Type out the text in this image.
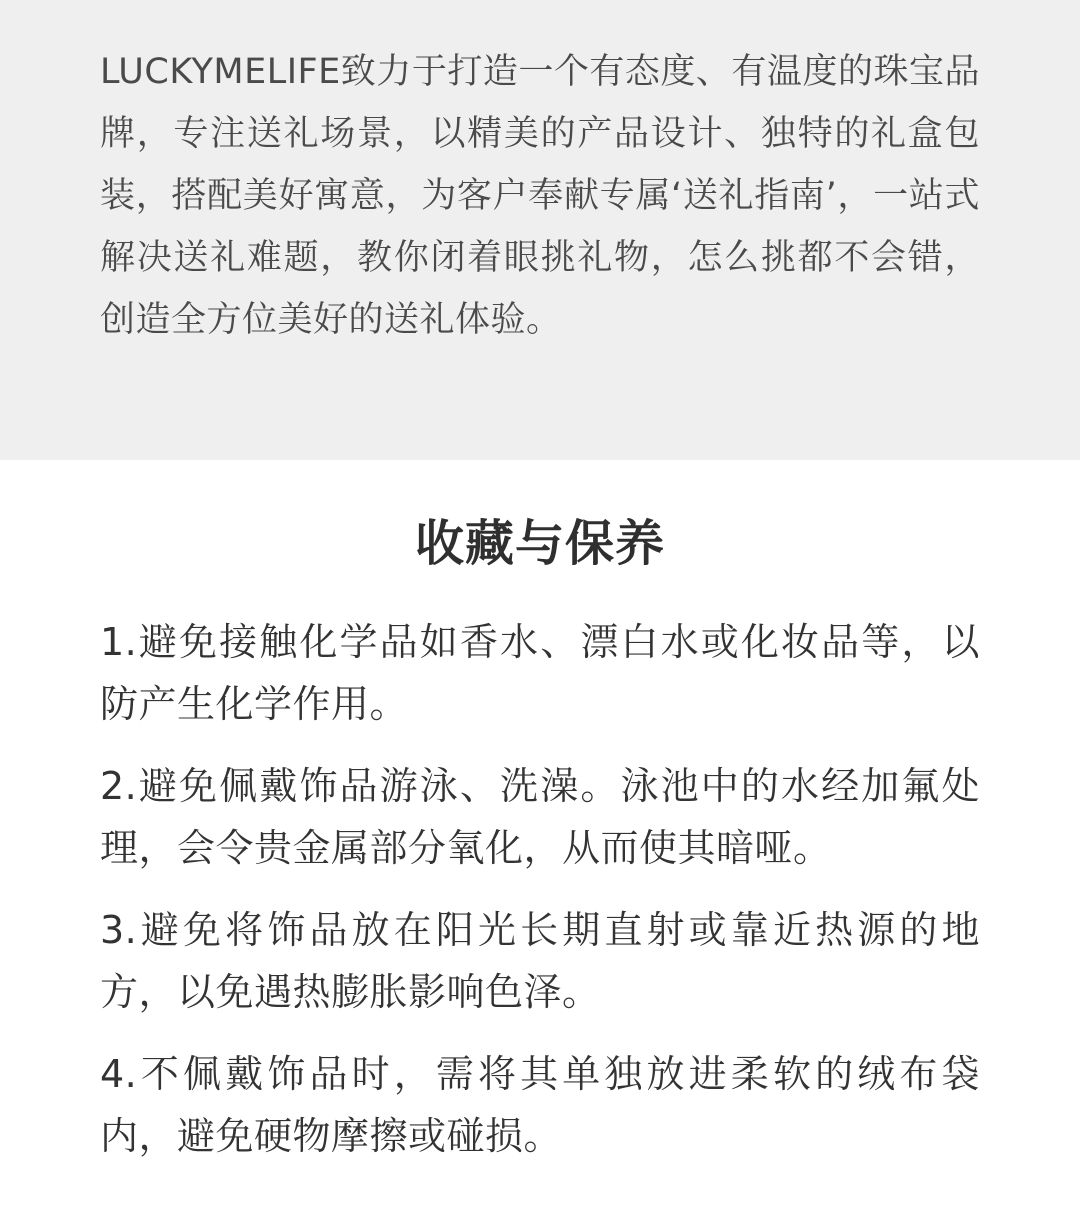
LUCKYMELIFE致力于打造一个有态度、有温度的珠宝品牌，专注送礼场景，以精美的产品设计、独特的礼盒包装，搭配美好寓意，为客户奉献专属‘送礼指南’，一站式解决送礼难题，教你闭着眼挑礼物，怎么挑都不会错，创造全方位美好的送礼体验。

收藏与保养
1.避免接触化学品如香水、漂白水或化妆品等，以防产生化学作用。
2.避免佩戴饰品游泳、洗澡。泳池中的水经加氟处理，会令贵金属部分氧化，从而使其暗哑。
3.避免将饰品放在阳光长期直射或靠近热源的地方，以免遇热膨胀影响色泽。
4.不佩戴饰品时，需将其单独放进柔软的绒布袋内，避免硬物摩擦或碰损。
